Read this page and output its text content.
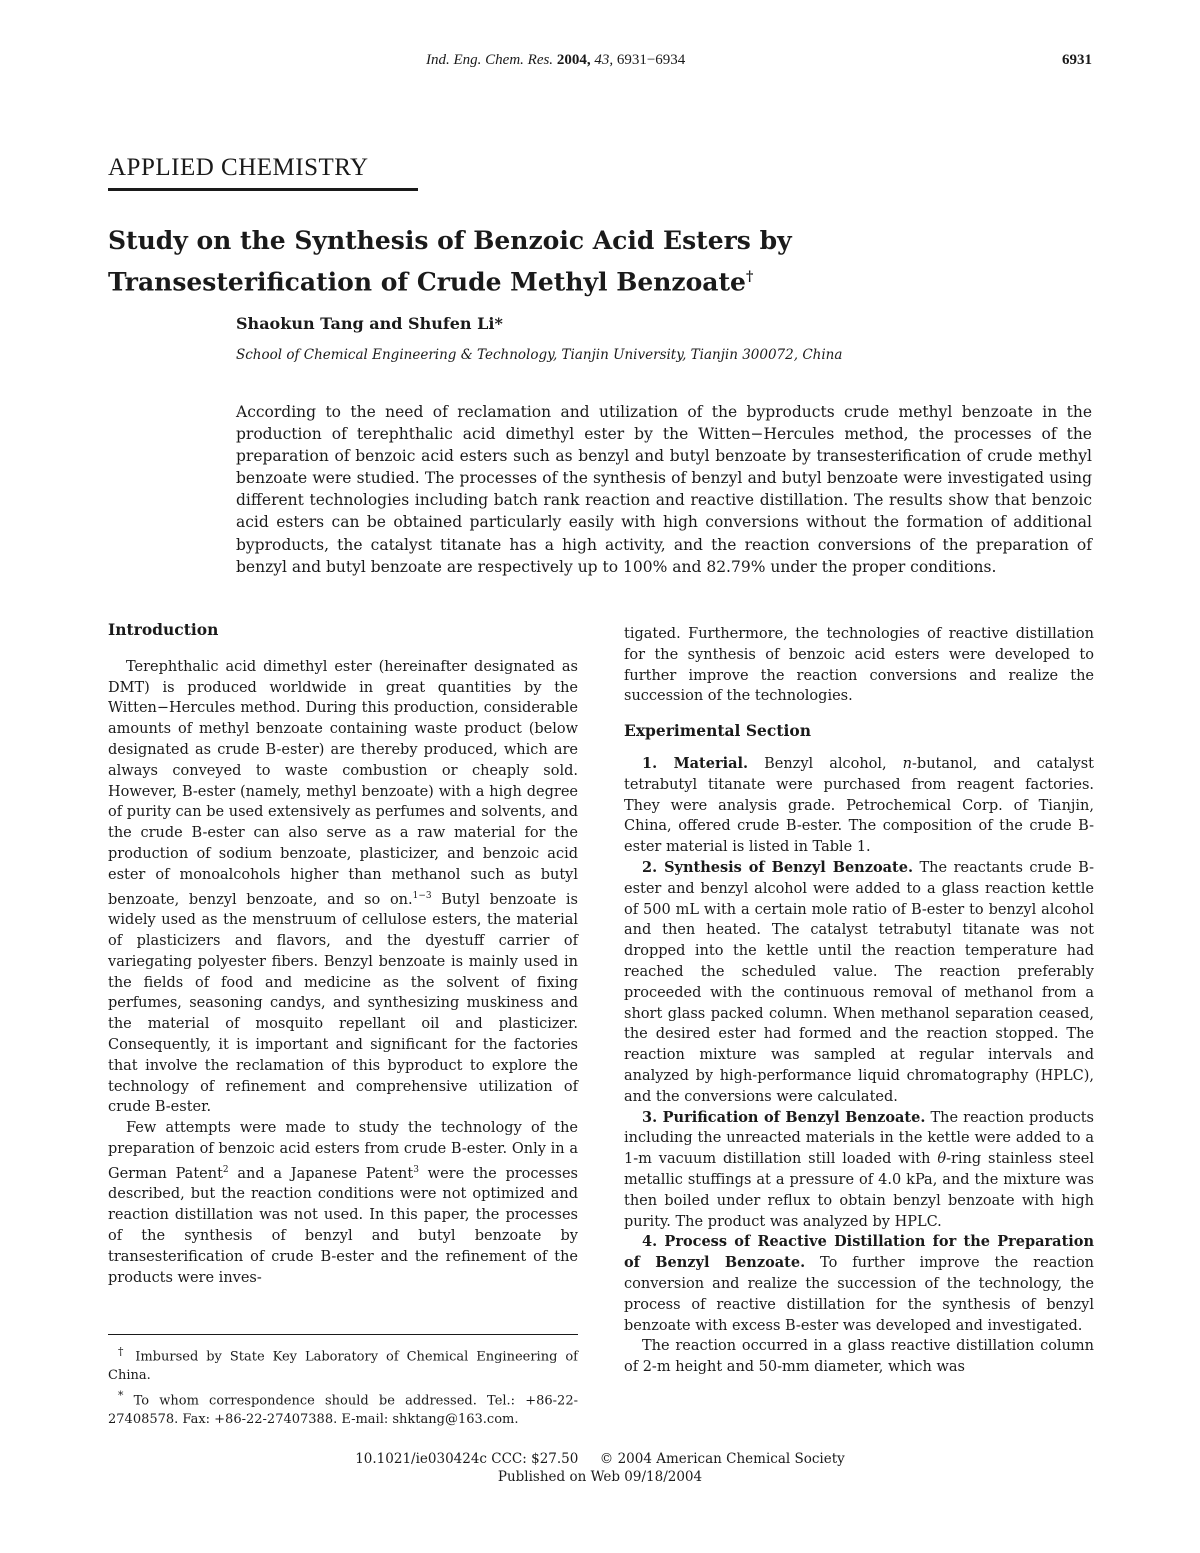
Ind. Eng. Chem. Res. 2004, 43, 6931−6934	6931
APPLIED CHEMISTRY
Study on the Synthesis of Benzoic Acid Esters by Transesterification of Crude Methyl Benzoate†
Shaokun Tang and Shufen Li*
School of Chemical Engineering & Technology, Tianjin University, Tianjin 300072, China

According to the need of reclamation and utilization of the byproducts crude methyl benzoate in the production of terephthalic acid dimethyl ester by the Witten−Hercules method, the processes of the preparation of benzoic acid esters such as benzyl and butyl benzoate by transesterification of crude methyl benzoate were studied. The processes of the synthesis of benzyl and butyl benzoate were investigated using different technologies including batch rank reaction and reactive distillation. The results show that benzoic acid esters can be obtained particularly easily with high conversions without the formation of additional byproducts, the catalyst titanate has a high activity, and the reaction conversions of the preparation of benzyl and butyl benzoate are respectively up to 100% and 82.79% under the proper conditions.

Introduction

Terephthalic acid dimethyl ester (hereinafter designated as DMT) is produced worldwide in great quantities by the Witten−Hercules method. During this production, considerable amounts of methyl benzoate containing waste product (below designated as crude B-ester) are thereby produced, which are always conveyed to waste combustion or cheaply sold. However, B-ester (namely, methyl benzoate) with a high degree of purity can be used extensively as perfumes and solvents, and the crude B-ester can also serve as a raw material for the production of sodium benzoate, plasticizer, and benzoic acid ester of monoalcohols higher than methanol such as butyl benzoate, benzyl benzoate, and so on.$^{1-3}$ Butyl benzoate is widely used as the menstruum of cellulose esters, the material of plasticizers and flavors, and the dyestuff carrier of variegating polyester fibers. Benzyl benzoate is mainly used in the fields of food and medicine as the solvent of fixing perfumes, seasoning candys, and synthesizing muskiness and the material of mosquito repellant oil and plasticizer. Consequently, it is important and significant for the factories that involve the reclamation of this byproduct to explore the technology of refinement and comprehensive utilization of crude B-ester.

Few attempts were made to study the technology of the preparation of benzoic acid esters from crude B-ester. Only in a German Patent$^2$ and a Japanese Patent$^3$ were the processes described, but the reaction conditions were not optimized and reaction distillation was not used. In this paper, the processes of the synthesis of benzyl and butyl benzoate by transesterification of crude B-ester and the refinement of the products were inves-

† Imbursed by State Key Laboratory of Chemical Engineering of China.

* To whom correspondence should be addressed. Tel.: +86-22-27408578. Fax: +86-22-27407388. E-mail: shktang@163.com.

tigated. Furthermore, the technologies of reactive distillation for the synthesis of benzoic acid esters were developed to further improve the reaction conversions and realize the succession of the technologies.

Experimental Section

1. Material. Benzyl alcohol, n-butanol, and catalyst tetrabutyl titanate were purchased from reagent factories. They were analysis grade. Petrochemical Corp. of Tianjin, China, offered crude B-ester. The composition of the crude B-ester material is listed in Table 1.

2. Synthesis of Benzyl Benzoate. The reactants crude B-ester and benzyl alcohol were added to a glass reaction kettle of 500 mL with a certain mole ratio of B-ester to benzyl alcohol and then heated. The catalyst tetrabutyl titanate was not dropped into the kettle until the reaction temperature had reached the scheduled value. The reaction preferably proceeded with the continuous removal of methanol from a short glass packed column. When methanol separation ceased, the desired ester had formed and the reaction stopped. The reaction mixture was sampled at regular intervals and analyzed by high-performance liquid chromatography (HPLC), and the conversions were calculated.

3. Purification of Benzyl Benzoate. The reaction products including the unreacted materials in the kettle were added to a 1-m vacuum distillation still loaded with θ-ring stainless steel metallic stuffings at a pressure of 4.0 kPa, and the mixture was then boiled under reflux to obtain benzyl benzoate with high purity. The product was analyzed by HPLC.

4. Process of Reactive Distillation for the Preparation of Benzyl Benzoate. To further improve the reaction conversion and realize the succession of the technology, the process of reactive distillation for the synthesis of benzyl benzoate with excess B-ester was developed and investigated.

The reaction occurred in a glass reactive distillation column of 2-m height and 50-mm diameter, which was

10.1021/ie030424c CCC: $27.50     © 2004 American Chemical Society
Published on Web 09/18/2004
